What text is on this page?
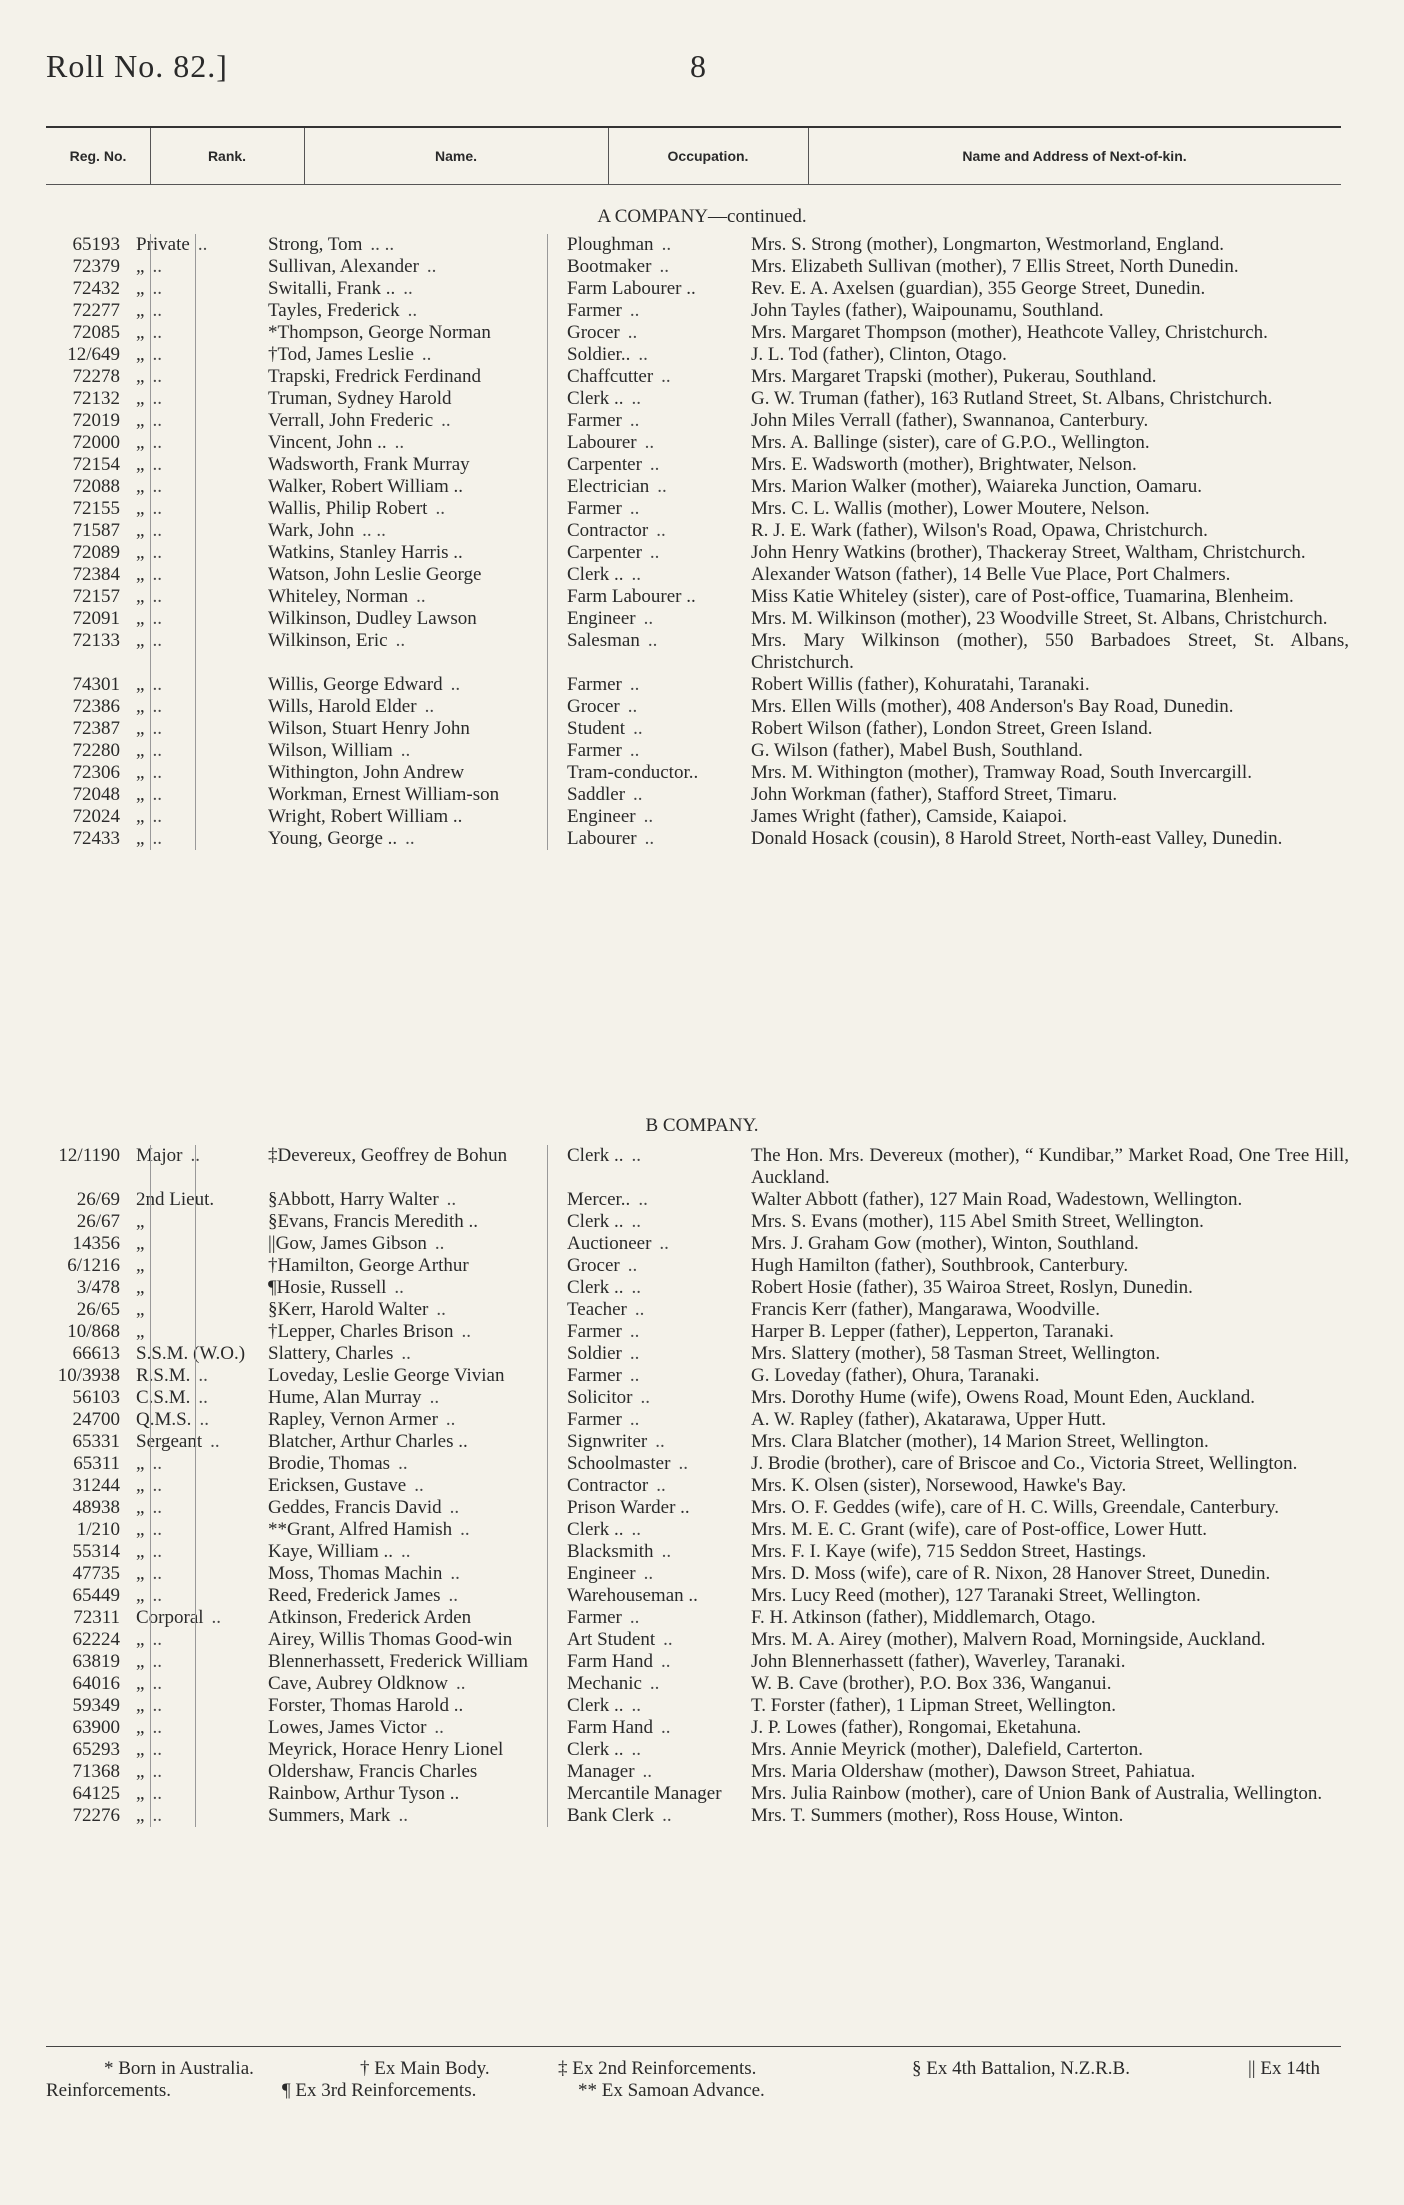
Roll No. 82.]	8
Reg. No.	Rank.	Name.	Occupation.	Name and Address of Next-of-kin.
A COMPANY—continued.
65193 Private ..	Strong, Tom .. ..	Ploughman ..	Mrs. S. Strong (mother), Longmarton, Westmorland, England.
72379 „ ..	Sullivan, Alexander ..	Bootmaker ..	Mrs. Elizabeth Sullivan (mother), 7 Ellis Street, North Dunedin.
72432 „ ..	Switalli, Frank .. ..	Farm Labourer ..	Rev. E. A. Axelsen (guardian), 355 George Street, Dunedin.
72277 „ ..	Tayles, Frederick ..	Farmer ..	John Tayles (father), Waipounamu, Southland.
72085 „ ..	*Thompson, George Norman	Grocer ..	Mrs. Margaret Thompson (mother), Heathcote Valley, Christchurch.
12/649 „ ..	†Tod, James Leslie ..	Soldier.. ..	J. L. Tod (father), Clinton, Otago.
72278 „ ..	Trapski, Fredrick Ferdinand	Chaffcutter ..	Mrs. Margaret Trapski (mother), Pukerau, Southland.
72132 „ ..	Truman, Sydney Harold	Clerk .. ..	G. W. Truman (father), 163 Rutland Street, St. Albans, Christchurch.
72019 „ ..	Verrall, John Frederic ..	Farmer ..	John Miles Verrall (father), Swannanoa, Canterbury.
72000 „ ..	Vincent, John .. ..	Labourer ..	Mrs. A. Ballinge (sister), care of G.P.O., Wellington.
72154 „ ..	Wadsworth, Frank Murray	Carpenter ..	Mrs. E. Wadsworth (mother), Brightwater, Nelson.
72088 „ ..	Walker, Robert William ..	Electrician ..	Mrs. Marion Walker (mother), Waiareka Junction, Oamaru.
72155 „ ..	Wallis, Philip Robert ..	Farmer ..	Mrs. C. L. Wallis (mother), Lower Moutere, Nelson.
71587 „ ..	Wark, John .. ..	Contractor ..	R. J. E. Wark (father), Wilson's Road, Opawa, Christchurch.
72089 „ ..	Watkins, Stanley Harris ..	Carpenter ..	John Henry Watkins (brother), Thackeray Street, Waltham, Christchurch.
72384 „ ..	Watson, John Leslie George	Clerk .. ..	Alexander Watson (father), 14 Belle Vue Place, Port Chalmers.
72157 „ ..	Whiteley, Norman ..	Farm Labourer ..	Miss Katie Whiteley (sister), care of Post-office, Tuamarina, Blenheim.
72091 „ ..	Wilkinson, Dudley Lawson	Engineer ..	Mrs. M. Wilkinson (mother), 23 Woodville Street, St. Albans, Christchurch.
72133 „ ..	Wilkinson, Eric ..	Salesman ..	Mrs. Mary Wilkinson (mother), 550 Barbadoes Street, St. Albans, Christchurch.
74301 „ ..	Willis, George Edward ..	Farmer ..	Robert Willis (father), Kohuratahi, Taranaki.
72386 „ ..	Wills, Harold Elder ..	Grocer ..	Mrs. Ellen Wills (mother), 408 Anderson's Bay Road, Dunedin.
72387 „ ..	Wilson, Stuart Henry John	Student ..	Robert Wilson (father), London Street, Green Island.
72280 „ ..	Wilson, William ..	Farmer ..	G. Wilson (father), Mabel Bush, Southland.
72306 „ ..	Withington, John Andrew	Tram-conductor..	Mrs. M. Withington (mother), Tramway Road, South Invercargill.
72048 „ ..	Workman, Ernest William-son	Saddler ..	John Workman (father), Stafford Street, Timaru.
72024 „ ..	Wright, Robert William ..	Engineer ..	James Wright (father), Camside, Kaiapoi.
72433 „ ..	Young, George .. ..	Labourer ..	Donald Hosack (cousin), 8 Harold Street, North-east Valley, Dunedin.
B COMPANY.
12/1190 Major ..	‡Devereux, Geoffrey de Bohun	Clerk .. ..	The Hon. Mrs. Devereux (mother), “ Kundibar,” Market Road, One Tree Hill, Auckland.
26/69 2nd Lieut.	§Abbott, Harry Walter ..	Mercer.. ..	Walter Abbott (father), 127 Main Road, Wadestown, Wellington.
26/67 „	§Evans, Francis Meredith ..	Clerk .. ..	Mrs. S. Evans (mother), 115 Abel Smith Street, Wellington.
14356 „	||Gow, James Gibson ..	Auctioneer ..	Mrs. J. Graham Gow (mother), Winton, Southland.
6/1216 „	†Hamilton, George Arthur	Grocer ..	Hugh Hamilton (father), Southbrook, Canterbury.
3/478 „	¶Hosie, Russell ..	Clerk .. ..	Robert Hosie (father), 35 Wairoa Street, Roslyn, Dunedin.
26/65 „	§Kerr, Harold Walter ..	Teacher ..	Francis Kerr (father), Mangarawa, Woodville.
10/868 „	†Lepper, Charles Brison ..	Farmer ..	Harper B. Lepper (father), Lepperton, Taranaki.
66613 S.S.M. (W.O.)	Slattery, Charles ..	Soldier ..	Mrs. Slattery (mother), 58 Tasman Street, Wellington.
10/3938 R.S.M. ..	Loveday, Leslie George Vivian	Farmer ..	G. Loveday (father), Ohura, Taranaki.
56103 C.S.M. ..	Hume, Alan Murray ..	Solicitor ..	Mrs. Dorothy Hume (wife), Owens Road, Mount Eden, Auckland.
24700 Q.M.S. ..	Rapley, Vernon Armer ..	Farmer ..	A. W. Rapley (father), Akatarawa, Upper Hutt.
65331 Sergeant ..	Blatcher, Arthur Charles ..	Signwriter ..	Mrs. Clara Blatcher (mother), 14 Marion Street, Wellington.
65311 „ ..	Brodie, Thomas ..	Schoolmaster ..	J. Brodie (brother), care of Briscoe and Co., Victoria Street, Wellington.
31244 „ ..	Ericksen, Gustave ..	Contractor ..	Mrs. K. Olsen (sister), Norsewood, Hawke's Bay.
48938 „ ..	Geddes, Francis David ..	Prison Warder ..	Mrs. O. F. Geddes (wife), care of H. C. Wills, Greendale, Canterbury.
1/210 „ ..	**Grant, Alfred Hamish ..	Clerk .. ..	Mrs. M. E. C. Grant (wife), care of Post-office, Lower Hutt.
55314 „ ..	Kaye, William .. ..	Blacksmith ..	Mrs. F. I. Kaye (wife), 715 Seddon Street, Hastings.
47735 „ ..	Moss, Thomas Machin ..	Engineer ..	Mrs. D. Moss (wife), care of R. Nixon, 28 Hanover Street, Dunedin.
65449 „ ..	Reed, Frederick James ..	Warehouseman ..	Mrs. Lucy Reed (mother), 127 Taranaki Street, Wellington.
72311 Corporal ..	Atkinson, Frederick Arden	Farmer ..	F. H. Atkinson (father), Middlemarch, Otago.
62224 „ ..	Airey, Willis Thomas Good-win	Art Student ..	Mrs. M. A. Airey (mother), Malvern Road, Morningside, Auckland.
63819 „ ..	Blennerhassett, Frederick William	Farm Hand ..	John Blennerhassett (father), Waverley, Taranaki.
64016 „ ..	Cave, Aubrey Oldknow ..	Mechanic ..	W. B. Cave (brother), P.O. Box 336, Wanganui.
59349 „ ..	Forster, Thomas Harold ..	Clerk .. ..	T. Forster (father), 1 Lipman Street, Wellington.
63900 „ ..	Lowes, James Victor ..	Farm Hand ..	J. P. Lowes (father), Rongomai, Eketahuna.
65293 „ ..	Meyrick, Horace Henry Lionel	Clerk .. ..	Mrs. Annie Meyrick (mother), Dalefield, Carterton.
71368 „ ..	Oldershaw, Francis Charles	Manager ..	Mrs. Maria Oldershaw (mother), Dawson Street, Pahiatua.
64125 „ ..	Rainbow, Arthur Tyson ..	Mercantile Manager	Mrs. Julia Rainbow (mother), care of Union Bank of Australia, Wellington.
72276 „ ..	Summers, Mark ..	Bank Clerk ..	Mrs. T. Summers (mother), Ross House, Winton.
* Born in Australia.	† Ex Main Body.	‡ Ex 2nd Reinforcements.	§ Ex 4th Battalion, N.Z.R.B.	|| Ex 14th
Reinforcements.	¶ Ex 3rd Reinforcements.	** Ex Samoan Advance.
